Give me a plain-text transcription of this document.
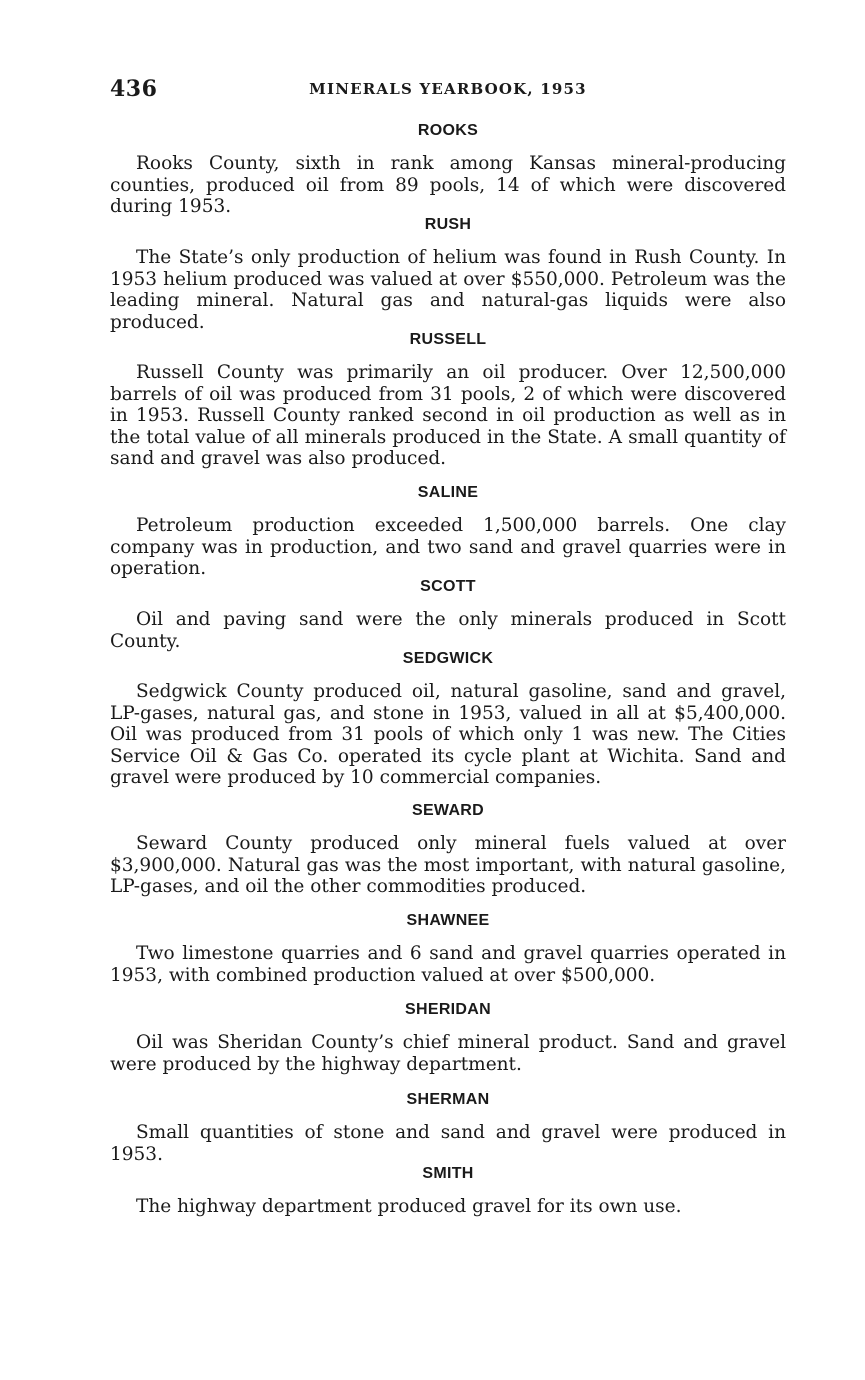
436	MINERALS YEARBOOK, 1953
ROOKS

Rooks County, sixth in rank among Kansas mineral-producing counties, produced oil from 89 pools, 14 of which were discovered during 1953.

RUSH

The State’s only production of helium was found in Rush County. In 1953 helium produced was valued at over $550,000. Petroleum was the leading mineral. Natural gas and natural-gas liquids were also produced.

RUSSELL

Russell County was primarily an oil producer. Over 12,500,000 barrels of oil was produced from 31 pools, 2 of which were discovered in 1953. Russell County ranked second in oil production as well as in the total value of all minerals produced in the State. A small quantity of sand and gravel was also produced.

SALINE

Petroleum production exceeded 1,500,000 barrels. One clay company was in production, and two sand and gravel quarries were in operation.

SCOTT

Oil and paving sand were the only minerals produced in Scott County.

SEDGWICK

Sedgwick County produced oil, natural gasoline, sand and gravel, LP-gases, natural gas, and stone in 1953, valued in all at $5,400,000. Oil was produced from 31 pools of which only 1 was new. The Cities Service Oil & Gas Co. operated its cycle plant at Wichita. Sand and gravel were produced by 10 commercial companies.

SEWARD

Seward County produced only mineral fuels valued at over $3,900,000. Natural gas was the most important, with natural gasoline, LP-gases, and oil the other commodities produced.

SHAWNEE

Two limestone quarries and 6 sand and gravel quarries operated in 1953, with combined production valued at over $500,000.

SHERIDAN

Oil was Sheridan County’s chief mineral product. Sand and gravel were produced by the highway department.

SHERMAN

Small quantities of stone and sand and gravel were produced in 1953.

SMITH

The highway department produced gravel for its own use.
